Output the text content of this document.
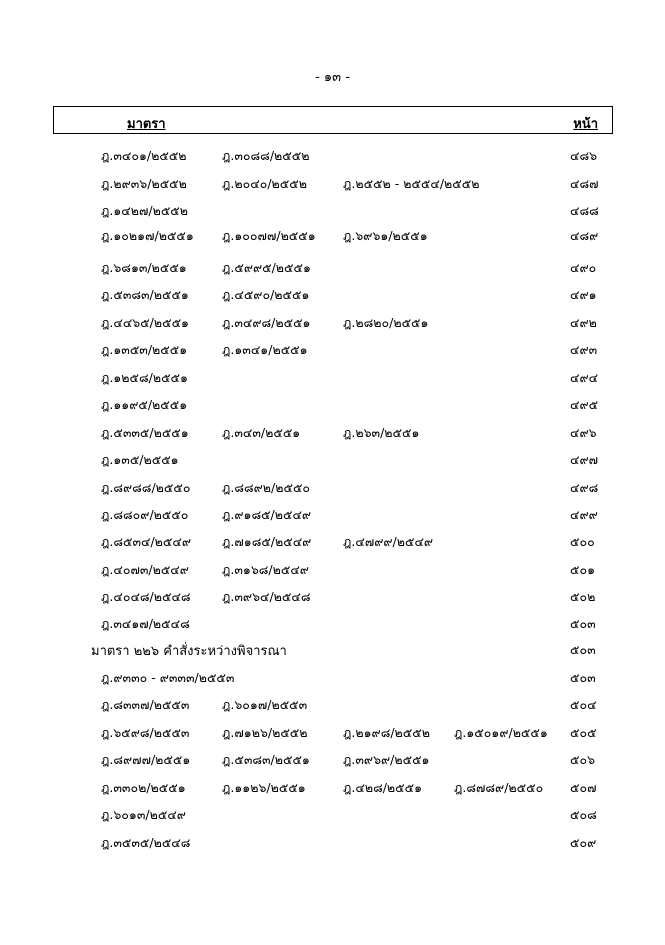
- ๑๓ -
มาตรา	หน้า
ฎ.๓๔๐๑/๒๕๕๒	ฎ.๓๐๘๘/๒๕๕๒	๔๘๖
ฎ.๒๙๓๖/๒๕๕๒	ฎ.๒๐๔๐/๒๕๕๒	ฎ.๒๕๕๒ - ๒๕๕๔/๒๕๕๒	๔๘๗
ฎ.๑๔๒๗/๒๕๕๒	๔๘๘
ฎ.๑๐๒๑๗/๒๕๕๑ ฎ.๑๐๐๗๗/๒๕๕๑ ฎ.๖๙๖๑/๒๕๕๑	๔๘๙
ฎ.๖๘๑๓/๒๕๕๑	ฎ.๕๙๙๕/๒๕๕๑	๔๙๐
ฎ.๕๓๘๓/๒๕๕๑	ฎ.๔๕๙๐/๒๕๕๑	๔๙๑
ฎ.๔๔๖๕/๒๕๕๑	ฎ.๓๔๙๘/๒๕๕๑	ฎ.๒๘๒๐/๒๕๕๑	๔๙๒
ฎ.๑๓๕๓/๒๕๕๑	ฎ.๑๓๔๑/๒๕๕๑	๔๙๓
ฎ.๑๒๕๘/๒๕๕๑	๔๙๔
ฎ.๑๑๙๕/๒๕๕๑	๔๙๕
ฎ.๕๓๓๕/๒๕๕๑	ฎ.๓๔๓/๒๕๕๑	ฎ.๒๖๓/๒๕๕๑	๔๙๖
ฎ.๑๓๕/๒๕๕๑	๔๙๗
ฎ.๘๙๘๘/๒๕๕๐	ฎ.๘๘๙๒/๒๕๕๐	๔๙๘
ฎ.๘๘๐๙/๒๕๕๐	ฎ.๙๑๘๕/๒๕๔๙	๔๙๙
ฎ.๘๕๓๔/๒๕๔๙ ฎ.๗๑๘๕/๒๕๔๙	ฎ.๔๗๙๙/๒๕๔๙	๕๐๐
ฎ.๔๐๗๓/๒๕๔๙	ฎ.๓๑๖๘/๒๕๔๙	๕๐๑
ฎ.๔๐๔๘/๒๕๔๘	ฎ.๓๙๖๔/๒๕๔๘	๕๐๒
ฎ.๓๔๑๗/๒๕๔๘	๕๐๓
มาตรา ๒๒๖ คำสั่งระหว่างพิจารณา	๕๐๓
ฎ.๙๓๓๐ - ๙๓๓๓/๒๕๕๓	๕๐๓
ฎ.๘๓๓๗/๒๕๕๓	ฎ.๖๐๑๗/๒๕๕๓	๕๐๔
ฎ.๖๕๙๘/๒๕๕๓	ฎ.๗๑๒๖/๒๕๕๒	ฎ.๒๑๙๘/๒๕๕๒ ฎ.๑๕๐๑๙/๒๕๕๑ ๕๐๕
ฎ.๘๙๗๗/๒๕๕๑	ฎ.๕๓๘๓/๒๕๕๑	ฎ.๓๙๖๙/๒๕๕๑	๕๐๖
ฎ.๓๓๐๒/๒๕๕๑	ฎ.๑๑๒๖/๒๕๕๑	ฎ.๔๒๘/๒๕๕๑	ฎ.๘๗๘๙/๒๕๕๐ ๕๐๗
ฎ.๖๐๑๓/๒๕๔๙	๕๐๘
ฎ.๓๕๓๕/๒๕๔๘	๕๐๙
